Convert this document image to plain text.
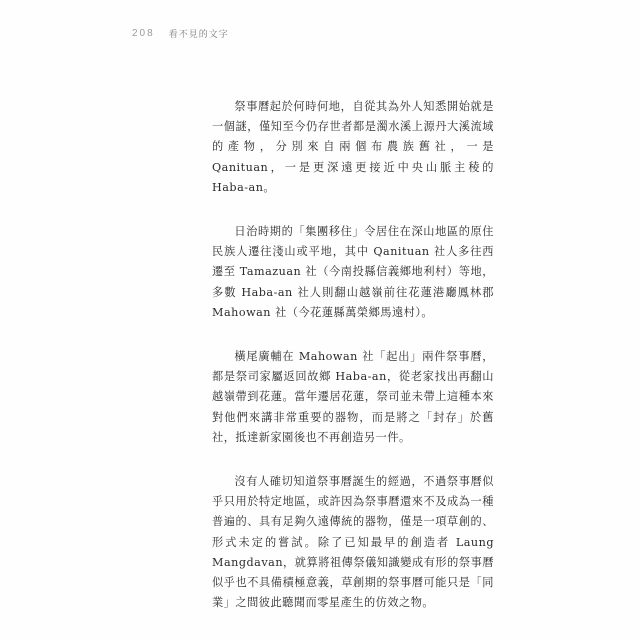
208 看不見的文字

祭事曆起於何時何地，自從其為外人知悉開始就是一個謎，僅知至今仍存世者都是濁水溪上源丹大溪流域的產物，分別來自兩個布農族舊社，一是 Qanituan，一是更深遠更接近中央山脈主稜的 Haba-an。

日治時期的「集團移住」令居住在深山地區的原住民族人遷往淺山或平地，其中 Qanituan 社人多往西遷至 Tamazuan 社（今南投縣信義鄉地利村）等地，多數 Haba-an 社人則翻山越嶺前往花蓮港廳鳳林郡 Mahowan 社（今花蓮縣萬榮鄉馬遠村）。

橫尾廣輔在 Mahowan 社「起出」兩件祭事曆，都是祭司家屬返回故鄉 Haba-an，從老家找出再翻山越嶺帶到花蓮。當年遷居花蓮，祭司並未帶上這種本來對他們來講非常重要的器物，而是將之「封存」於舊社，抵達新家園後也不再創造另一件。

沒有人確切知道祭事曆誕生的經過，不過祭事曆似乎只用於特定地區，或許因為祭事曆還來不及成為一種普遍的、具有足夠久遠傳統的器物，僅是一項草創的、形式未定的嘗試。除了已知最早的創造者 Laung Mangdavan，就算將祖傳祭儀知識變成有形的祭事曆似乎也不具備積極意義，草創期的祭事曆可能只是「同業」之間彼此聽聞而零星產生的仿效之物。
